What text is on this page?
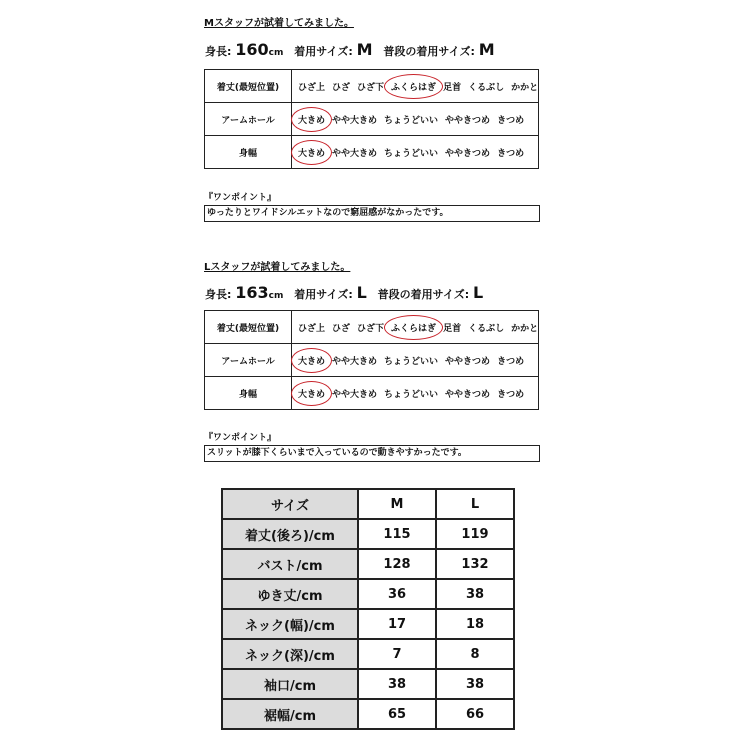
Mスタッフが試着してみました。
身長: 160cm 着用サイズ: M 普段の着用サイズ: M
着丈(最短位置)	ひざ上 ひざ ひざ下 ふくらはぎ 足首 くるぶし かかと
アームホール	大きめ やや大きめ ちょうどいい ややきつめ きつめ
身幅	大きめ やや大きめ ちょうどいい ややきつめ きつめ
『ワンポイント』
ゆったりとワイドシルエットなので窮屈感がなかったです。
Lスタッフが試着してみました。
身長: 163cm 着用サイズ: L 普段の着用サイズ: L
着丈(最短位置)	ひざ上 ひざ ひざ下 ふくらはぎ 足首 くるぶし かかと
アームホール	大きめ やや大きめ ちょうどいい ややきつめ きつめ
身幅	大きめ やや大きめ ちょうどいい ややきつめ きつめ
『ワンポイント』
スリットが膝下くらいまで入っているので動きやすかったです。
サイズ	M	L
着丈(後ろ)/cm	115	119
バスト/cm	128	132
ゆき丈/cm	36	38
ネック(幅)/cm	17	18
ネック(深)/cm	7	8
袖口/cm	38	38
裾幅/cm	65	66
